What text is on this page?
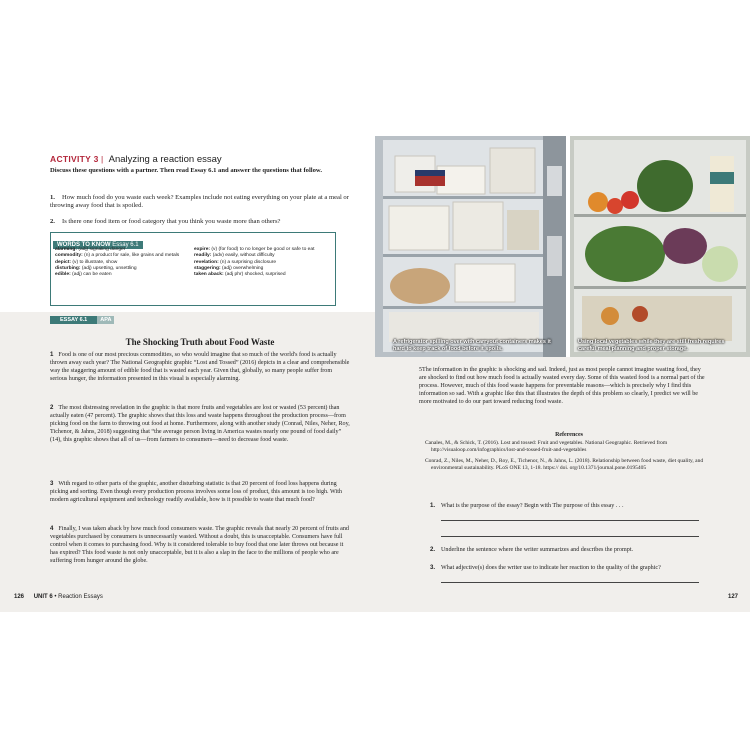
ACTIVITY 3 | Analyzing a reaction essay
Discuss these questions with a partner. Then read Essay 6.1 and answer the questions that follow.
1. How much food do you waste each week? Examples include not eating everything on your plate at a meal or throwing away food that is spoiled.
2. Is there one food item or food category that you think you waste more than others?
WORDS TO KNOW Essay 6.1
alarming: (adj) signaling danger
commodity: (n) a product for sale, like grains and metals
depict: (v) to illustrate, show
disturbing: (adj) upsetting, unsettling
edible: (adj) can be eaten
expire: (v) (for food) to no longer be good or safe to eat
readily: (adv) easily, without difficulty
revelation: (n) a surprising disclosure
staggering: (adj) overwhelming
taken aback: (adj phr) shocked, surprised
ESSAY 6.1 APA
The Shocking Truth about Food Waste
1 Food is one of our most precious commodities, so who would imagine that so much of the world's food is actually thrown away each year? The National Geographic graphic “Lost and Tossed” (2016) depicts in a clear and comprehensible way the staggering amount of edible food that is wasted each year. Given that, globally, so many people suffer from serious hunger, the information presented in this visual is especially alarming.
2 The most distressing revelation in the graphic is that more fruits and vegetables are lost or wasted (53 percent) than actually eaten (47 percent). The graphic shows that this loss and waste happens throughout the production process—from picking food on the farm to throwing out food at home. Furthermore, along with another study (Conrad, Niles, Neher, Roy, Tichenor, & Jahns, 2018) suggesting that “the average person living in America wastes nearly one pound of food daily” (14), this graphic shows that all of us—from farmers to consumers—need to decrease food waste.
3 With regard to other parts of the graphic, another disturbing statistic is that 20 percent of food loss happens during picking and sorting. Even though every production process involves some loss of product, this amount is too high. With modern agricultural equipment and technology readily available, how is it possible to waste that much food?
4 Finally, I was taken aback by how much food consumers waste. The graphic reveals that nearly 20 percent of fruits and vegetables purchased by consumers is unnecessarily wasted. Without a doubt, this is unacceptable. Consumers have full control when it comes to purchasing food. Why is it considered tolerable to buy food that one later throws out because it has expired? This food waste is not only unacceptable, but it is also a slap in the face to the millions of people who are suffering from hunger around the globe.
126 UNIT 6 • Reaction Essays
A refrigerator spilling over with carryout containers makes it hard to keep track of food before it spoils.
Using local vegetables while they are still fresh requires careful meal planning and proper storage.
5The information in the graphic is shocking and sad. Indeed, just as most people cannot imagine wasting food, they are shocked to find out how much food is actually wasted every day. Some of this wasted food is a normal part of the process. However, much of this food waste happens for preventable reasons—which is precisely why I find this information so sad. With a graphic like this that illustrates the depth of this problem so clearly, I predict we will be more motivated to do our part toward reducing food waste.
References
Canales, M., & Schick, T. (2016). Lost and tossed: Fruit and vegetables. National Geographic. Retrieved from http://visualoop.com/infographics/lost-and-tossed-fruit-and-vegetables
Conrad, Z., Niles, M., Neher, D., Roy, E., Tichenor, N., & Jahns, L. (2018). Relationship between food waste, diet quality, and environmental sustainability. PLoS ONE 13, 1-18. https:// doi. org/10.1371/journal.pone.0195405
1. What is the purpose of the essay? Begin with The purpose of this essay . . .
2. Underline the sentence where the writer summarizes and describes the prompt.
3. What adjective(s) does the writer use to indicate her reaction to the quality of the graphic?
127
